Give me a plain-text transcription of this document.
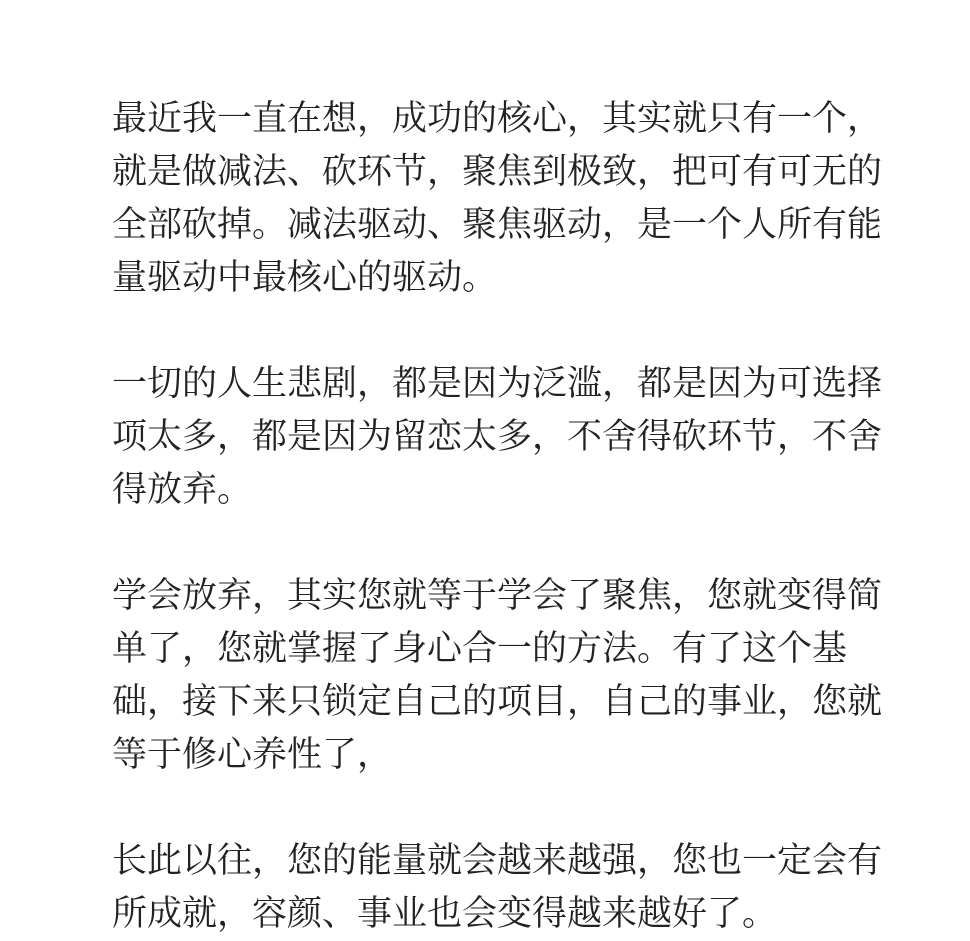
最近我一直在想，成功的核心，其实就只有一个，
就是做减法、砍环节，聚焦到极致，把可有可无的
全部砍掉。减法驱动、聚焦驱动，是一个人所有能
量驱动中最核心的驱动。
一切的人生悲剧，都是因为泛滥，都是因为可选择
项太多，都是因为留恋太多，不舍得砍环节，不舍
得放弃。
学会放弃，其实您就等于学会了聚焦，您就变得简
单了，您就掌握了身心合一的方法。有了这个基
础，接下来只锁定自己的项目，自己的事业，您就
等于修心养性了，
长此以往，您的能量就会越来越强，您也一定会有
所成就，容颜、事业也会变得越来越好了。
